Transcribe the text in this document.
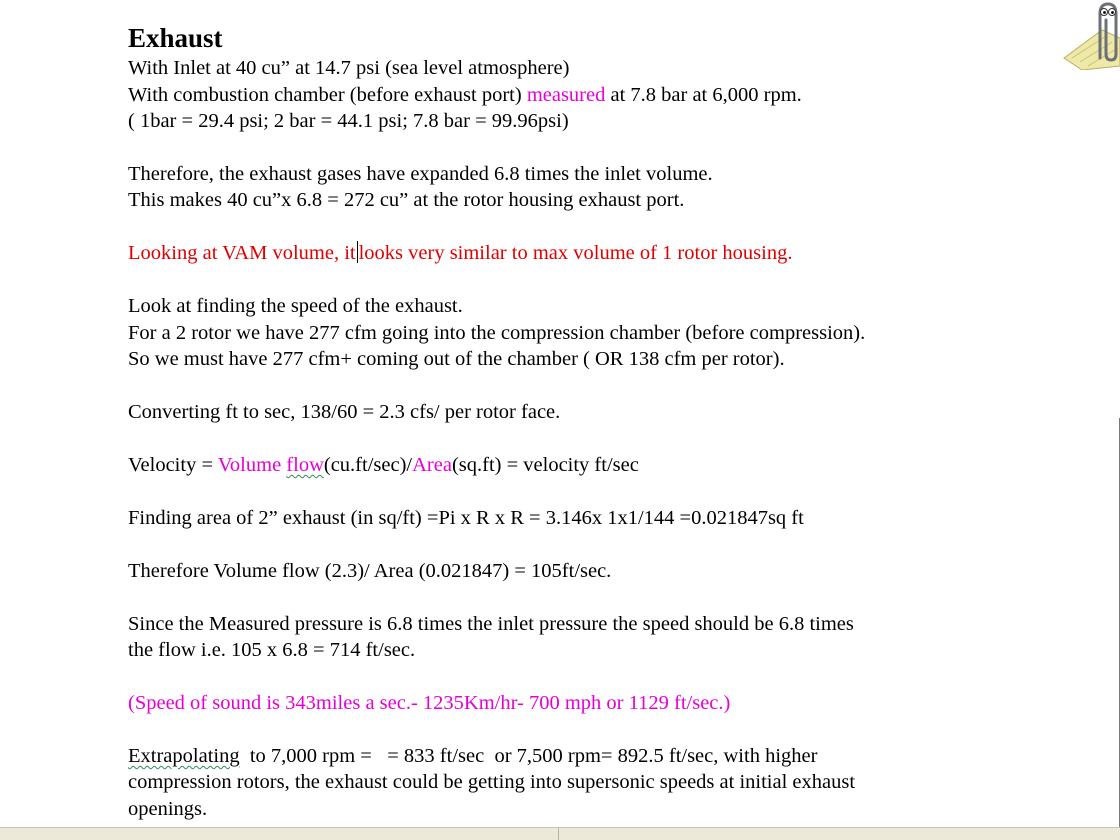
Exhaust
With Inlet at 40 cu” at 14.7 psi (sea level atmosphere)
With combustion chamber (before exhaust port) measured at 7.8 bar at 6,000 rpm.
( 1bar = 29.4 psi; 2 bar = 44.1 psi; 7.8 bar = 99.96psi)
Therefore, the exhaust gases have expanded 6.8 times the inlet volume.
This makes 40 cu”x 6.8 = 272 cu” at the rotor housing exhaust port.
Looking at VAM volume, it looks very similar to max volume of 1 rotor housing.
Look at finding the speed of the exhaust.
For a 2 rotor we have 277 cfm going into the compression chamber (before compression).
So we must have 277 cfm+ coming out of the chamber ( OR 138 cfm per rotor).
Converting ft to sec, 138/60 = 2.3 cfs/ per rotor face.
Velocity = Volume flow(cu.ft/sec)/Area(sq.ft) = velocity ft/sec
Finding area of 2” exhaust (in sq/ft) =Pi x R x R = 3.146x 1x1/144 =0.021847sq ft
Therefore Volume flow (2.3)/ Area (0.021847) = 105ft/sec.
Since the Measured pressure is 6.8 times the inlet pressure the speed should be 6.8 times
the flow i.e. 105 x 6.8 = 714 ft/sec.
(Speed of sound is 343miles a sec.- 1235Km/hr- 700 mph or 1129 ft/sec.)
Extrapolating  to 7,000 rpm =   = 833 ft/sec  or 7,500 rpm= 892.5 ft/sec, with higher
compression rotors, the exhaust could be getting into supersonic speeds at initial exhaust
openings.
